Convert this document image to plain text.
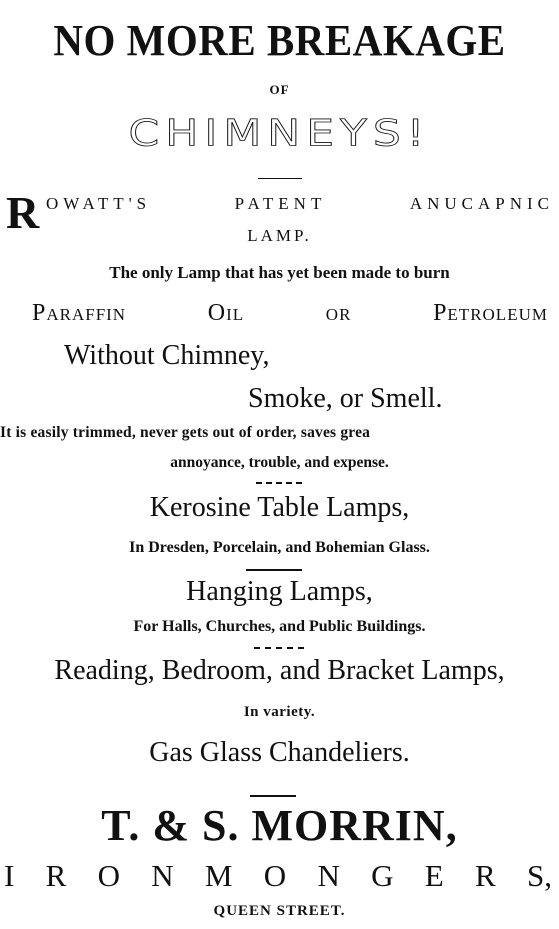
NO MORE BREAKAGE
OF
CHIMNEYS!
R OWATT'S	PATENT	ANUCAPNIC
LAMP.
The only Lamp that has yet been made to burn
Paraffin	Oil	or	Petroleum
Without Chimney,
Smoke, or Smell.
It is easily trimmed, never gets out of order, saves grea
annoyance, trouble, and expense.
Kerosine Table Lamps,
In Dresden, Porcelain, and Bohemian Glass.
Hanging Lamps,
For Halls, Churches, and Public Buildings.
Reading, Bedroom, and Bracket Lamps,
In variety.
Gas Glass Chandeliers.
T. & S. MORRIN,
I R O N M O N G E R S,
QUEEN STREET.
